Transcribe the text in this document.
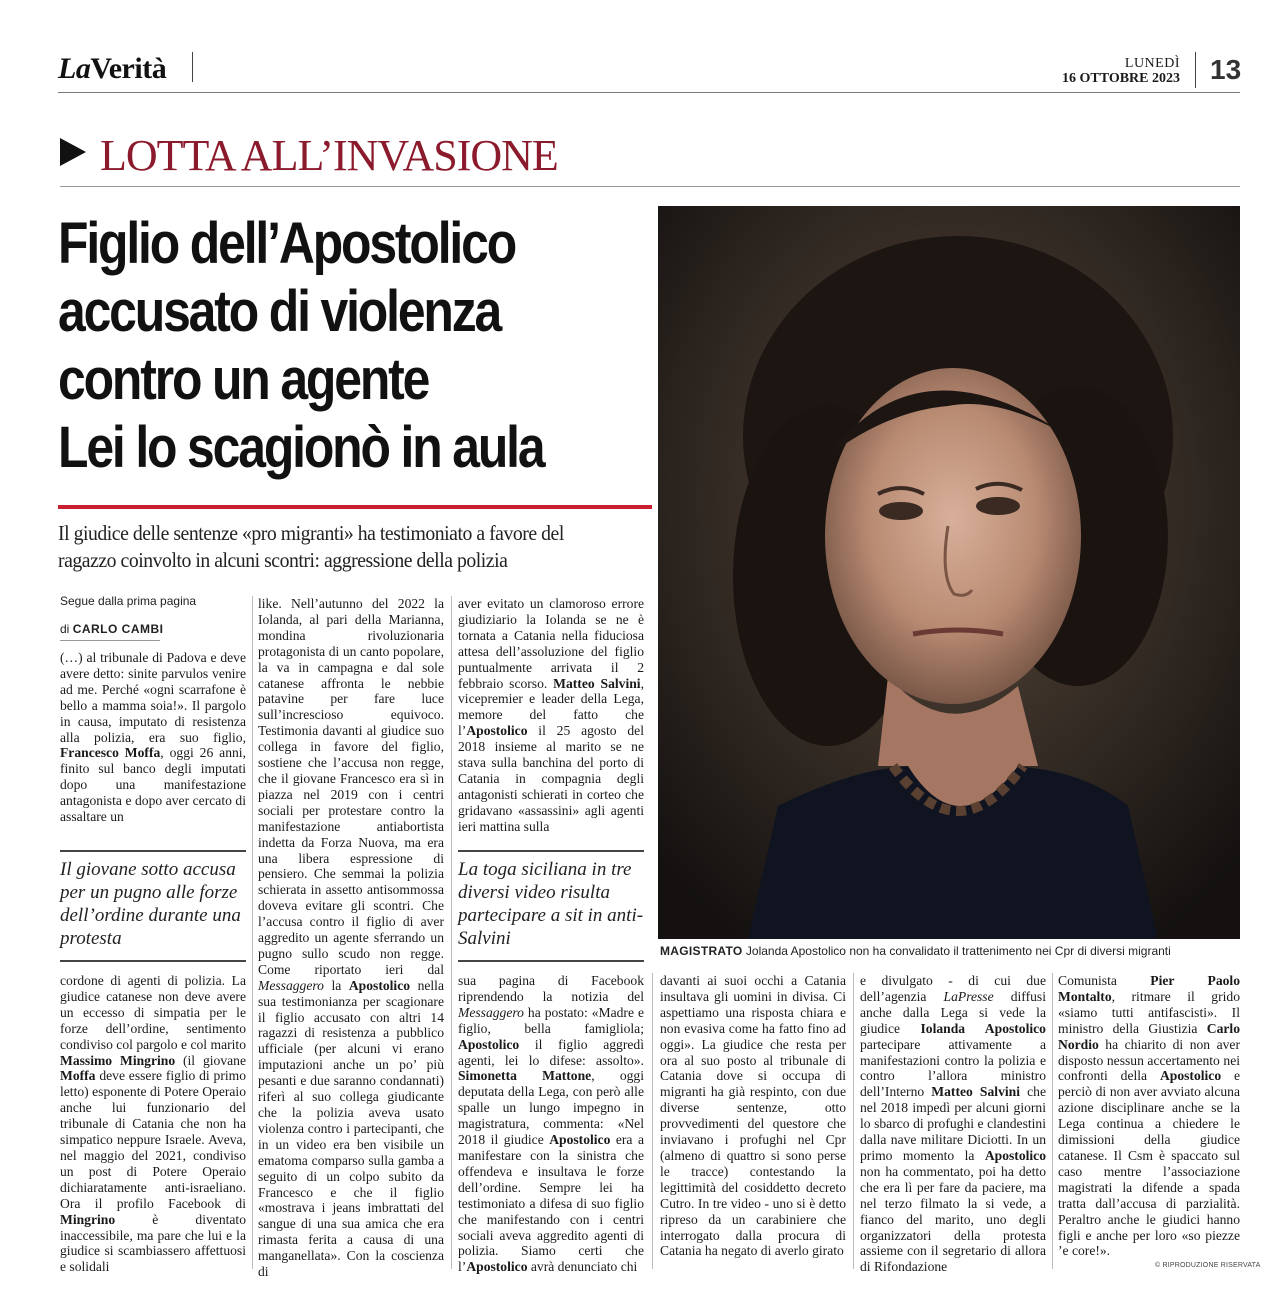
LaVerità	LUNEDÌ
16 OTTOBRE 2023 13
LOTTA ALL’INVASIONE
Figlio dell’Apostolico
accusato di violenza
contro un agente
Lei lo scagionò in aula
Il giudice delle sentenze «pro migranti» ha testimoniato a favore del ragazzo coinvolto in alcuni scontri: aggressione della polizia
Segue dalla prima pagina
di CARLO CAMBI

(…) al tribunale di Padova e deve avere detto: sinite parvulos venire ad me. Perché «ogni scarrafone è bello a mamma soia!». Il pargolo in causa, imputato di resistenza alla polizia, era suo figlio, Francesco Moffa, oggi 26 anni, finito sul banco degli imputati dopo una manifestazione antagonista e dopo aver cercato di assaltare un

Il giovane sotto accusa per un pugno alle forze dell’ordine durante una protesta

cordone di agenti di polizia. La giudice catanese non deve avere un eccesso di simpatia per le forze dell’ordine, sentimento condiviso col pargolo e col marito Massimo Mingrino (il giovane Moffa deve essere figlio di primo letto) esponente di Potere Operaio anche lui funzionario del tribunale di Catania che non ha simpatico neppure Israele. Aveva, nel maggio del 2021, condiviso un post di Potere Operaio dichiaratamente anti-israeliano. Ora il profilo Facebook di Mingrino è diventato inaccessibile, ma pare che lui e la giudice si scambiassero affettuosi e solidali

like. Nell’autunno del 2022 la Iolanda, al pari della Marianna, mondina rivoluzionaria protagonista di un canto popolare, la va in campagna e dal sole catanese affronta le nebbie patavine per fare luce sull’increscioso equivoco. Testimonia davanti al giudice suo collega in favore del figlio, sostiene che l’accusa non regge, che il giovane Francesco era sì in piazza nel 2019 con i centri sociali per protestare contro la manifestazione antiabortista indetta da Forza Nuova, ma era una libera espressione di pensiero. Che semmai la polizia schierata in assetto antisommossa doveva evitare gli scontri. Che l’accusa contro il figlio di aver aggredito un agente sferrando un pugno sullo scudo non regge. Come riportato ieri dal Messaggero la Apostolico nella sua testimonianza per scagionare il figlio accusato con altri 14 ragazzi di resistenza a pubblico ufficiale (per alcuni vi erano imputazioni anche un po’ più pesanti e due saranno condannati) riferì al suo collega giudicante che la polizia aveva usato violenza contro i partecipanti, che in un video era ben visibile un ematoma comparso sulla gamba a seguito di un colpo subito da Francesco e che il figlio «mostrava i jeans imbrattati del sangue di una sua amica che era rimasta ferita a causa di una manganellata». Con la coscienza di

aver evitato un clamoroso errore giudiziario la Iolanda se ne è tornata a Catania nella fiduciosa attesa dell’assoluzione del figlio puntualmente arrivata il 2 febbraio scorso. Matteo Salvini, vicepremier e leader della Lega, memore del fatto che l’Apostolico il 25 agosto del 2018 insieme al marito se ne stava sulla banchina del porto di Catania in compagnia degli antagonisti schierati in corteo che gridavano «assassini» agli agenti ieri mattina sulla

La toga siciliana in tre diversi video risulta partecipare a sit in anti-Salvini

sua pagina di Facebook riprendendo la notizia del Messaggero ha postato: «Madre e figlio, bella famigliola; Apostolico il figlio aggredì agenti, lei lo difese: assolto». Simonetta Mattone, oggi deputata della Lega, con però alle spalle un lungo impegno in magistratura, commenta: «Nel 2018 il giudice Apostolico era a manifestare con la sinistra che offendeva e insultava le forze dell’ordine. Sempre lei ha testimoniato a difesa di suo figlio che manifestando con i centri sociali aveva aggredito agenti di polizia. Siamo certi che l’Apostolico avrà denunciato chi

davanti ai suoi occhi a Catania insultava gli uomini in divisa. Ci aspettiamo una risposta chiara e non evasiva come ha fatto fino ad oggi». La giudice che resta per ora al suo posto al tribunale di Catania dove si occupa di migranti ha già respinto, con due diverse sentenze, otto provvedimenti del questore che inviavano i profughi nel Cpr (almeno di quattro si sono perse le tracce) contestando la legittimità del cosiddetto decreto Cutro. In tre video - uno si è detto ripreso da un carabiniere che interrogato dalla procura di Catania ha negato di averlo girato

e divulgato - di cui due dell’agenzia LaPresse diffusi anche dalla Lega si vede la giudice Iolanda Apostolico partecipare attivamente a manifestazioni contro la polizia e contro l’allora ministro dell’Interno Matteo Salvini che nel 2018 impedì per alcuni giorni lo sbarco di profughi e clandestini dalla nave militare Diciotti. In un primo momento la Apostolico non ha commentato, poi ha detto che era lì per fare da paciere, ma nel terzo filmato la si vede, a fianco del marito, uno degli organizzatori della protesta assieme con il segretario di allora di Rifondazione

Comunista Pier Paolo Montalto, ritmare il grido «siamo tutti antifascisti». Il ministro della Giustizia Carlo Nordio ha chiarito di non aver disposto nessun accertamento nei confronti della Apostolico e perciò di non aver avviato alcuna azione disciplinare anche se la Lega continua a chiedere le dimissioni della giudice catanese. Il Csm è spaccato sul caso mentre l’associazione magistrati la difende a spada tratta dall’accusa di parzialità. Peraltro anche le giudici hanno figli e anche per loro «so piezze ’e core!».

MAGISTRATO Jolanda Apostolico non ha convalidato il trattenimento nei Cpr di diversi migranti
© RIPRODUZIONE RISERVATA
